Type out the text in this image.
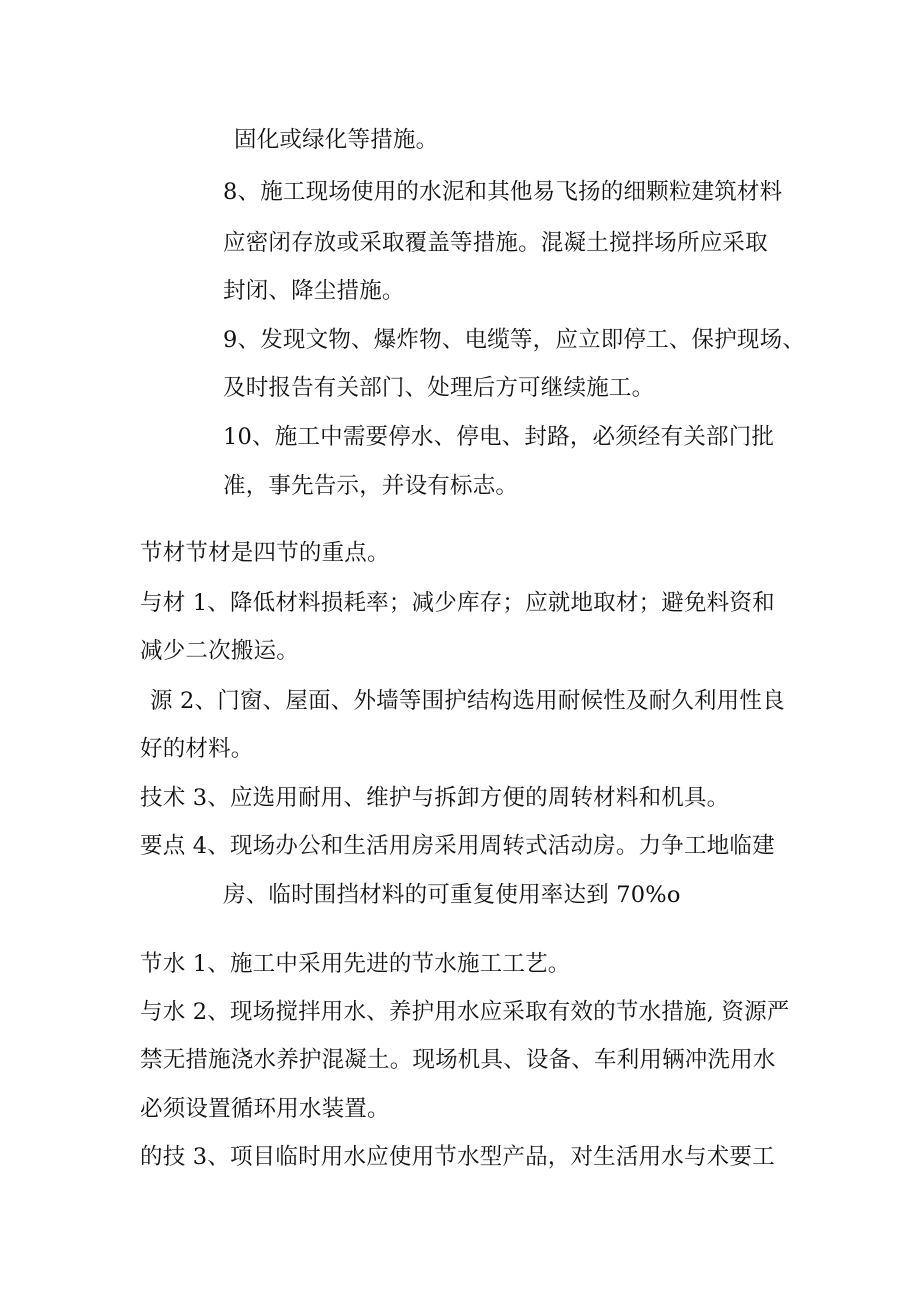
固化或绿化等措施。
8、施工现场使用的水泥和其他易飞扬的细颗粒建筑材料
应密闭存放或采取覆盖等措施。混凝土搅拌场所应采取
封闭、降尘措施。
9、发现文物、爆炸物、电缆等，应立即停工、保护现场、
及时报告有关部门、处理后方可继续施工。
10、施工中需要停水、停电、封路，必须经有关部门批
准，事先告示，并设有标志。
节材节材是四节的重点。
与材 1、降低材料损耗率；减少库存；应就地取材；避免料资和
减少二次搬运。
源 2、门窗、屋面、外墙等围护结构选用耐候性及耐久利用性良
好的材料。
技术 3、应选用耐用、维护与拆卸方便的周转材料和机具。
要点 4、现场办公和生活用房采用周转式活动房。力争工地临建
房、临时围挡材料的可重复使用率达到 70%o
节水 1、施工中采用先进的节水施工工艺。
与水 2、现场搅拌用水、养护用水应采取有效的节水措施, 资源严
禁无措施浇水养护混凝土。现场机具、设备、车利用辆冲洗用水
必须设置循环用水装置。
的技 3、项目临时用水应使用节水型产品，对生活用水与术要工
